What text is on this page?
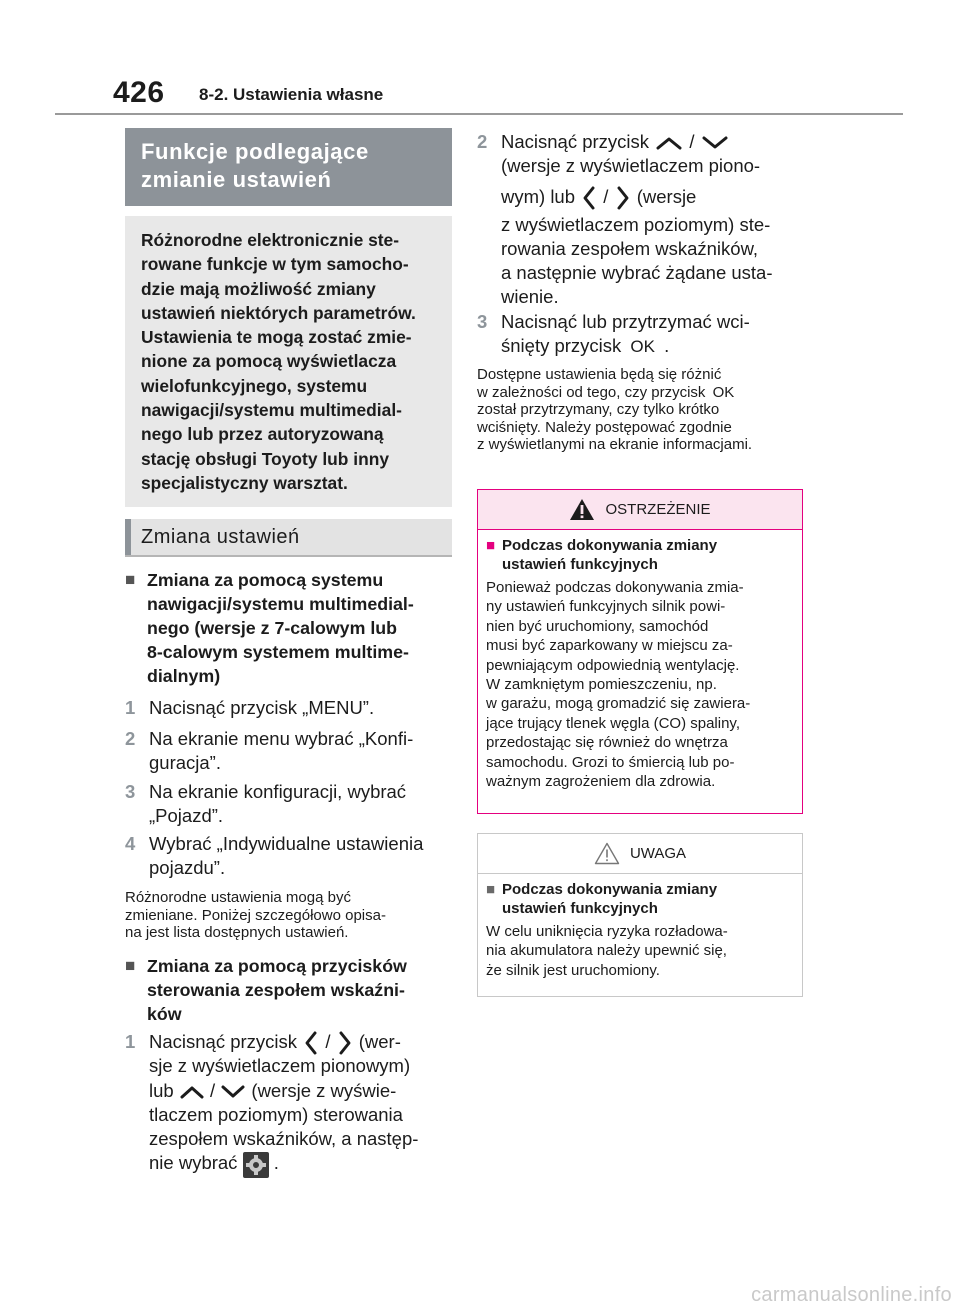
426 8-2. Ustawienia własne
Funkcje podlegające zmianie ustawień
Różnorodne elektronicznie ste-
rowane funkcje w tym samocho-
dzie mają możliwość zmiany
ustawień niektórych parametrów.
Ustawienia te mogą zostać zmie-
nione za pomocą wyświetlacza
wielofunkcyjnego, systemu
nawigacji/systemu multimedial-
nego lub przez autoryzowaną
stację obsługi Toyoty lub inny
specjalistyczny warsztat.
Zmiana ustawień
■ Zmiana za pomocą systemu
nawigacji/systemu multimedial-
nego (wersje z 7-calowym lub
8-calowym systemem multime-
dialnym)
1 Nacisnąć przycisk „MENU”.
2 Na ekranie menu wybrać „Konfi-
guracja”.
3 Na ekranie konfiguracji, wybrać
„Pojazd”.
4 Wybrać „Indywidualne ustawienia
pojazdu”.
Różnorodne ustawienia mogą być
zmieniane. Poniżej szczegółowo opisa-
na jest lista dostępnych ustawień.
■ Zmiana za pomocą przycisków
sterowania zespołem wskaźni-
ków
1 Nacisnąć przycisk / (wer-
sje z wyświetlaczem pionowym)
lub / (wersje z wyświe-
tlaczem poziomym) sterowania
zespołem wskaźników, a następ-
nie wybrać .
2 Nacisnąć przycisk /
(wersje z wyświetlaczem piono-
wym) lub / (wersje
z wyświetlaczem poziomym) ste-
rowania zespołem wskaźników,
a następnie wybrać żądane usta-
wienie.
3 Nacisnąć lub przytrzymać wci-
śnięty przycisk OK .
Dostępne ustawienia będą się różnić
w zależności od tego, czy przycisk OK
został przytrzymany, czy tylko krótko
wciśnięty. Należy postępować zgodnie
z wyświetlanymi na ekranie informacjami.
OSTRZEŻENIE
■ Podczas dokonywania zmiany
ustawień funkcyjnych
Ponieważ podczas dokonywania zmia-
ny ustawień funkcyjnych silnik powi-
nien być uruchomiony, samochód
musi być zaparkowany w miejscu za-
pewniającym odpowiednią wentylację.
W zamkniętym pomieszczeniu, np.
w garażu, mogą gromadzić się zawiera-
jące trujący tlenek węgla (CO) spaliny,
przedostając się również do wnętrza
samochodu. Grozi to śmiercią lub po-
ważnym zagrożeniem dla zdrowia.
UWAGA
■ Podczas dokonywania zmiany
ustawień funkcyjnych
W celu uniknięcia ryzyka rozładowa-
nia akumulatora należy upewnić się,
że silnik jest uruchomiony.
carmanualsonline.info
